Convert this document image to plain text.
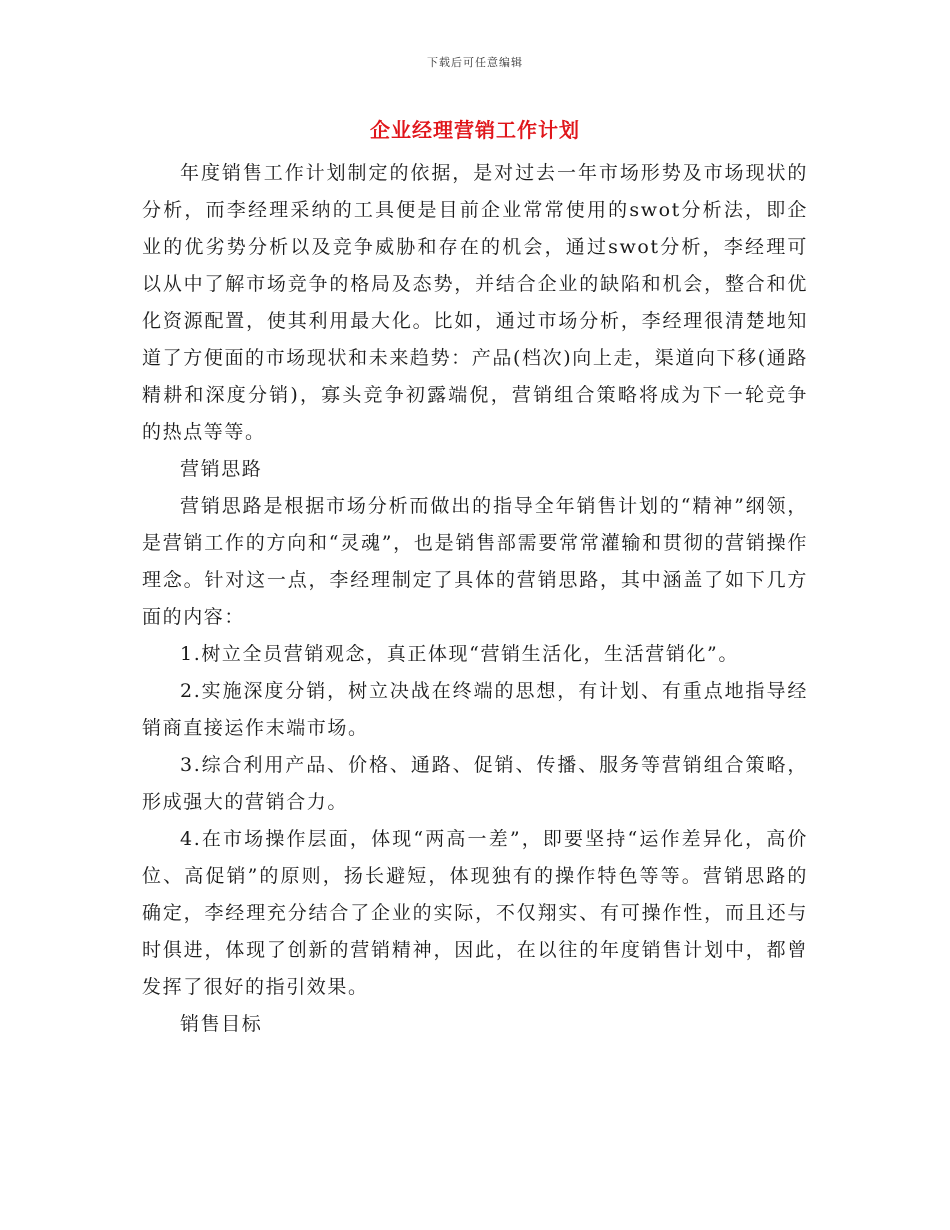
下载后可任意编辑
企业经理营销工作计划

年度销售工作计划制定的依据，是对过去一年市场形势及市场现状的分析，而李经理采纳的工具便是目前企业常常使用的swot分析法，即企业的优劣势分析以及竞争威胁和存在的机会，通过swot分析，李经理可以从中了解市场竞争的格局及态势，并结合企业的缺陷和机会，整合和优化资源配置，使其利用最大化。比如，通过市场分析，李经理很清楚地知道了方便面的市场现状和未来趋势：产品(档次)向上走，渠道向下移(通路精耕和深度分销)，寡头竞争初露端倪，营销组合策略将成为下一轮竞争的热点等等。

营销思路

营销思路是根据市场分析而做出的指导全年销售计划的“精神”纲领，是营销工作的方向和“灵魂”，也是销售部需要常常灌输和贯彻的营销操作理念。针对这一点，李经理制定了具体的营销思路，其中涵盖了如下几方面的内容：

1.树立全员营销观念，真正体现“营销生活化，生活营销化”。

2.实施深度分销，树立决战在终端的思想，有计划、有重点地指导经销商直接运作末端市场。

3.综合利用产品、价格、通路、促销、传播、服务等营销组合策略，形成强大的营销合力。

4.在市场操作层面，体现“两高一差”，即要坚持“运作差异化，高价位、高促销”的原则，扬长避短，体现独有的操作特色等等。营销思路的确定，李经理充分结合了企业的实际，不仅翔实、有可操作性，而且还与时俱进，体现了创新的营销精神，因此，在以往的年度销售计划中，都曾发挥了很好的指引效果。

销售目标
